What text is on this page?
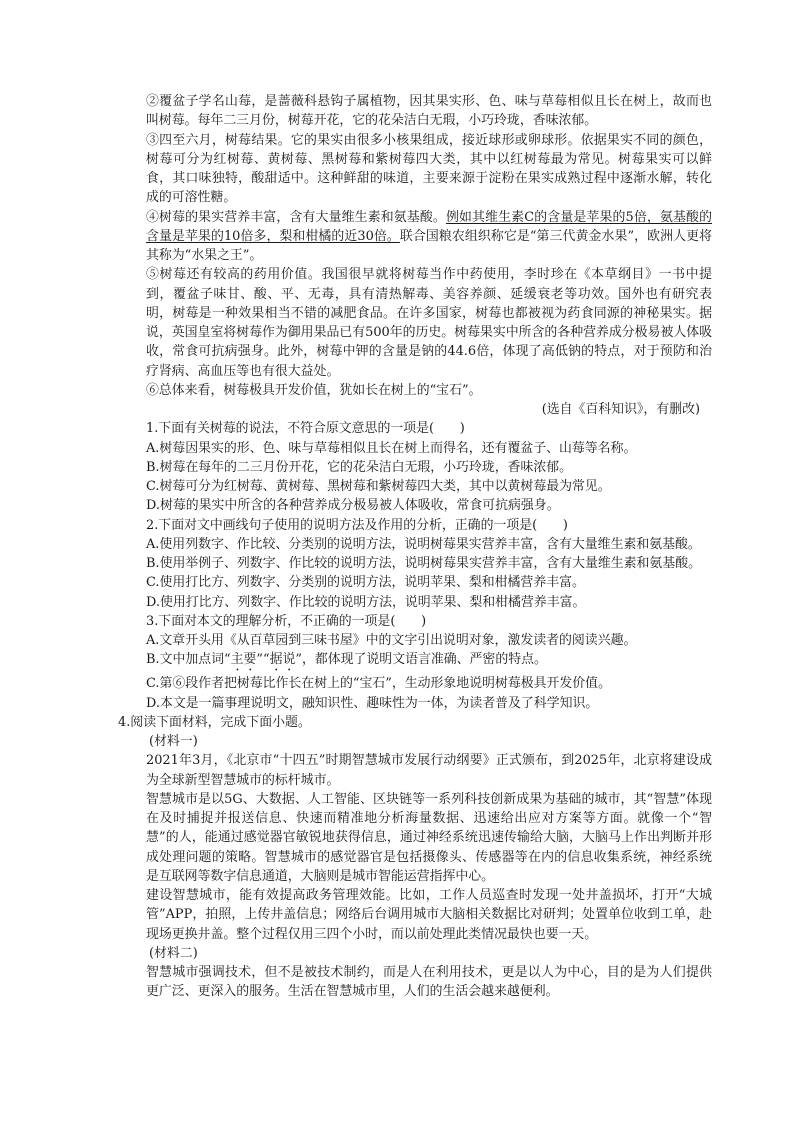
②覆盆子学名山莓，是蔷薇科悬钩子属植物，因其果实形、色、味与草莓相似且长在树上，故而也叫树莓。每年二三月份，树莓开花，它的花朵洁白无瑕，小巧玲珑，香味浓郁。

③四至六月，树莓结果。它的果实由很多小核果组成，接近球形或卵球形。依据果实不同的颜色，树莓可分为红树莓、黄树莓、黑树莓和紫树莓四大类，其中以红树莓最为常见。树莓果实可以鲜食，其口味独特，酸甜适中。这种鲜甜的味道，主要来源于淀粉在果实成熟过程中逐渐水解，转化成的可溶性糖。

④树莓的果实营养丰富，含有大量维生素和氨基酸。例如其维生素C的含量是苹果的5倍，氨基酸的含量是苹果的10倍多，梨和柑橘的近30倍。联合国粮农组织称它是“第三代黄金水果”，欧洲人更将其称为“水果之王”。

⑤树莓还有较高的药用价值。我国很早就将树莓当作中药使用，李时珍在《本草纲目》一书中提到，覆盆子味甘、酸、平、无毒，具有清热解毒、美容养颜、延缓衰老等功效。国外也有研究表明，树莓是一种效果相当不错的减肥食品。在许多国家，树莓也都被视为药食同源的神秘果实。据说，英国皇室将树莓作为御用果品已有500年的历史。树莓果实中所含的各种营养成分极易被人体吸收，常食可抗病强身。此外，树莓中钾的含量是钠的44.6倍，体现了高低钠的特点，对于预防和治疗肾病、高血压等也有很大益处。

⑥总体来看，树莓极具开发价值，犹如长在树上的“宝石”。

(选自《百科知识》，有删改)

1.下面有关树莓的说法，不符合原文意思的一项是(　　)

A.树莓因果实的形、色、味与草莓相似且长在树上而得名，还有覆盆子、山莓等名称。

B.树莓在每年的二三月份开花，它的花朵洁白无瑕，小巧玲珑，香味浓郁。

C.树莓可分为红树莓、黄树莓、黑树莓和紫树莓四大类，其中以黄树莓最为常见。

D.树莓的果实中所含的各种营养成分极易被人体吸收，常食可抗病强身。

2.下面对文中画线句子使用的说明方法及作用的分析，正确的一项是(　　)

A.使用列数字、作比较、分类别的说明方法，说明树莓果实营养丰富，含有大量维生素和氨基酸。

B.使用举例子、列数字、作比较的说明方法，说明树莓果实营养丰富，含有大量维生素和氨基酸。

C.使用打比方、列数字、分类别的说明方法，说明苹果、梨和柑橘营养丰富。

D.使用打比方、列数字、作比较的说明方法，说明苹果、梨和柑橘营养丰富。

3.下面对本文的理解分析，不正确的一项是(　　)

A.文章开头用《从百草园到三味书屋》中的文字引出说明对象，激发读者的阅读兴趣。

B.文中加点词“主要”“据说”，都体现了说明文语言准确、严密的特点。

C.第⑥段作者把树莓比作长在树上的“宝石”，生动形象地说明树莓极具开发价值。

D.本文是一篇事理说明文，融知识性、趣味性为一体，为读者普及了科学知识。

4.阅读下面材料，完成下面小题。

(材料一)

2021年3月，《北京市“十四五”时期智慧城市发展行动纲要》正式颁布，到2025年，北京将建设成为全球新型智慧城市的标杆城市。

智慧城市是以5G、大数据、人工智能、区块链等一系列科技创新成果为基础的城市，其“智慧”体现在及时捕捉并报送信息、快速而精准地分析海量数据、迅速给出应对方案等方面。就像一个“智慧”的人，能通过感觉器官敏锐地获得信息，通过神经系统迅速传输给大脑，大脑马上作出判断并形成处理问题的策略。智慧城市的感觉器官是包括摄像头、传感器等在内的信息收集系统，神经系统是互联网等数字信息通道，大脑则是城市智能运营指挥中心。

建设智慧城市，能有效提高政务管理效能。比如，工作人员巡查时发现一处井盖损坏，打开“大城管”APP，拍照，上传井盖信息；网络后台调用城市大脑相关数据比对研判；处置单位收到工单，赴现场更换井盖。整个过程仅用三四个小时，而以前处理此类情况最快也要一天。

(材料二)

智慧城市强调技术，但不是被技术制约，而是人在利用技术，更是以人为中心，目的是为人们提供更广泛、更深入的服务。生活在智慧城市里，人们的生活会越来越便利。
